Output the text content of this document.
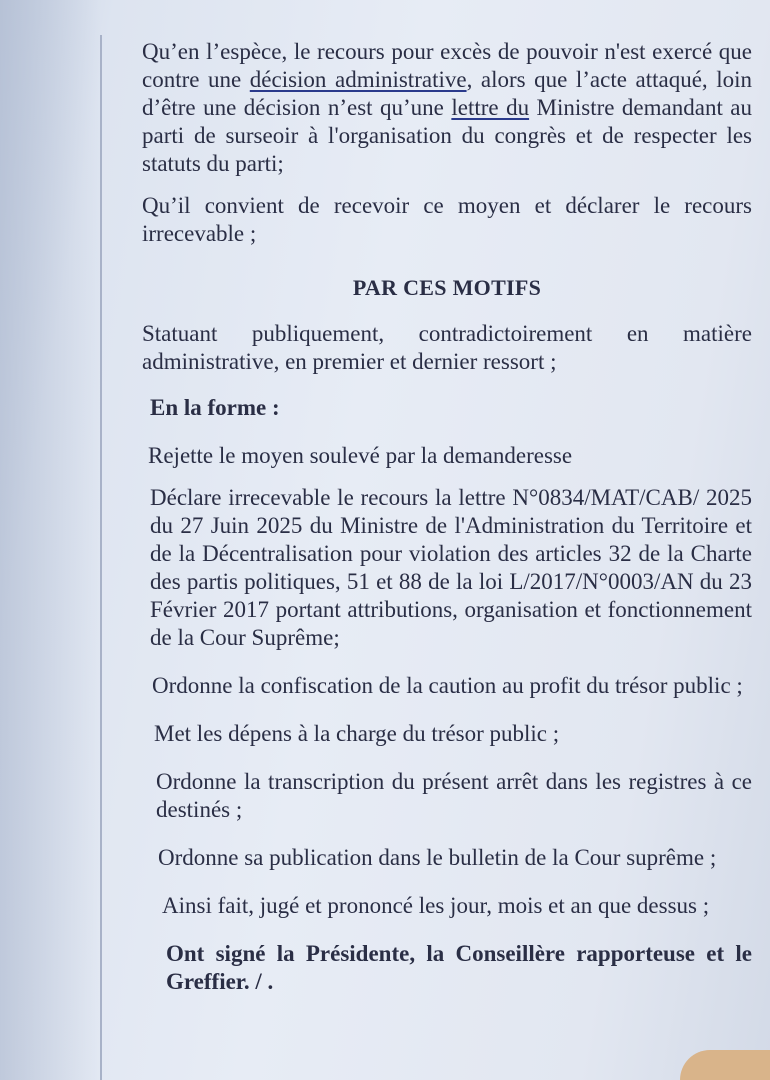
Qu’en l’espèce, le recours pour excès de pouvoir n'est exercé que contre une décision administrative, alors que l’acte attaqué, loin d’être une décision n’est qu’une lettre du Ministre demandant au parti de surseoir à l'organisation du congrès et de respecter les statuts du parti;

Qu’il convient de recevoir ce moyen et déclarer le recours irrecevable ;

PAR CES MOTIFS

Statuant publiquement, contradictoirement en matière administrative, en premier et dernier ressort ;

En la forme :

Rejette le moyen soulevé par la demanderesse

Déclare irrecevable le recours la lettre N°0834/MAT/CAB/ 2025 du 27 Juin 2025 du Ministre de l'Administration du Territoire et de la Décentralisation pour violation des articles 32 de la Charte des partis politiques, 51 et 88 de la loi L/2017/N°0003/AN du 23 Février 2017 portant attributions, organisation et fonctionnement de la Cour Suprême;

Ordonne la confiscation de la caution au profit du trésor public ;

Met les dépens à la charge du trésor public ;

Ordonne la transcription du présent arrêt dans les registres à ce destinés ;

Ordonne sa publication dans le bulletin de la Cour suprême ;

Ainsi fait, jugé et prononcé les jour, mois et an que dessus ;

Ont signé la Présidente, la Conseillère rapporteuse et le Greffier. / .
